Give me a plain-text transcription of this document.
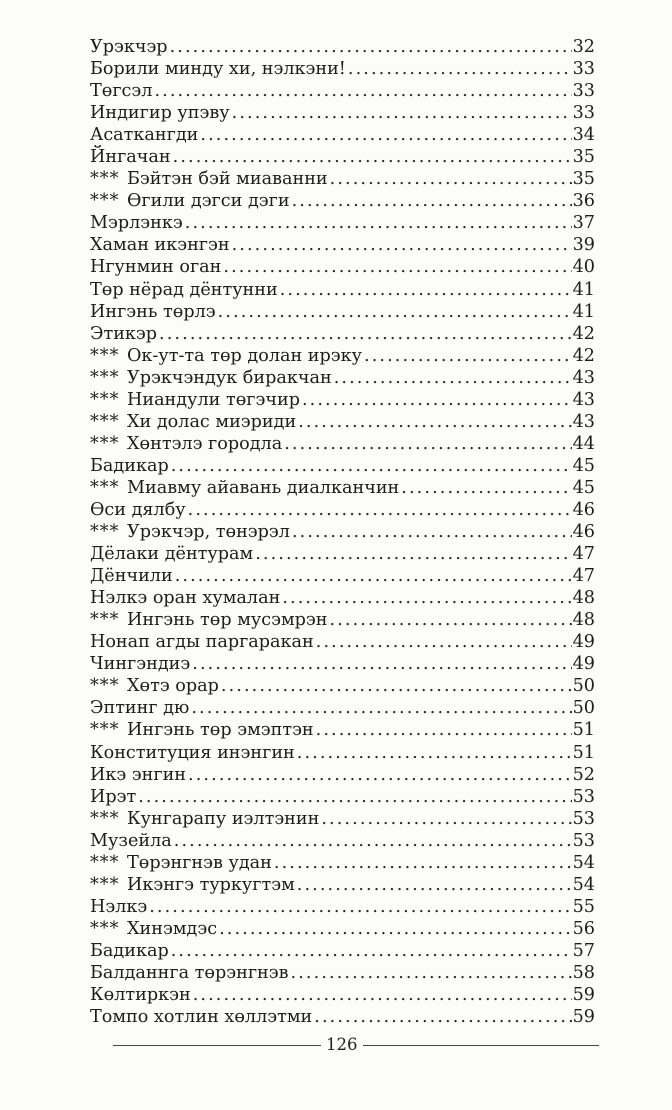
Урэкчэр .....	32
Борили минду хи, нэлкэни! .....	33
Төгсэл .....	33
Индигир упэву .....	33
Асаткангди .....	34
Йнгачан .....	35
*** Бэйтэн бэй миаванни .....	35
*** Өгили дэгси дэги .....	36
Мэрлэнкэ .....	37
Хаман икэнгэн .....	39
Нгунмин оган .....	40
Төр нёрад дёнтунни .....	41
Ингэнь төрлэ .....	41
Этикэр .....	42
*** Ок-ут-та төр долан ирэку .....	42
*** Урэкчэндук биракчан .....	43
*** Ниандули төгэчир .....	43
*** Хи долас миэриди .....	43
*** Хөнтэлэ городла .....	44
Бадикар .....	45
*** Миавму айавань диалканчин .....	45
Өси дялбу .....	46
*** Урэкчэр, төнэрэл .....	46
Дёлаки дёнтурам .....	47
Дёнчили .....	47
Нэлкэ оран хумалан .....	48
*** Ингэнь төр мусэмрэн .....	48
Нонап агды паргаракан .....	49
Чингэндиэ .....	49
*** Хөтэ орар .....	50
Эптинг дю .....	50
*** Ингэнь төр эмэптэн .....	51
Конституция инэнгин .....	51
Икэ энгин .....	52
Ирэт .....	53
*** Кунгарапу иэлтэнин .....	53
Музейла .....	53
*** Төрэнгнэв удан .....	54
*** Икэнгэ туркугтэм .....	54
Нэлкэ .....	55
*** Хинэмдэс .....	56
Бадикар .....	57
Балданнга төрэнгнэв .....	58
Көлтиркэн .....	59
Томпо хотлин хөллэтми .....	59
126
